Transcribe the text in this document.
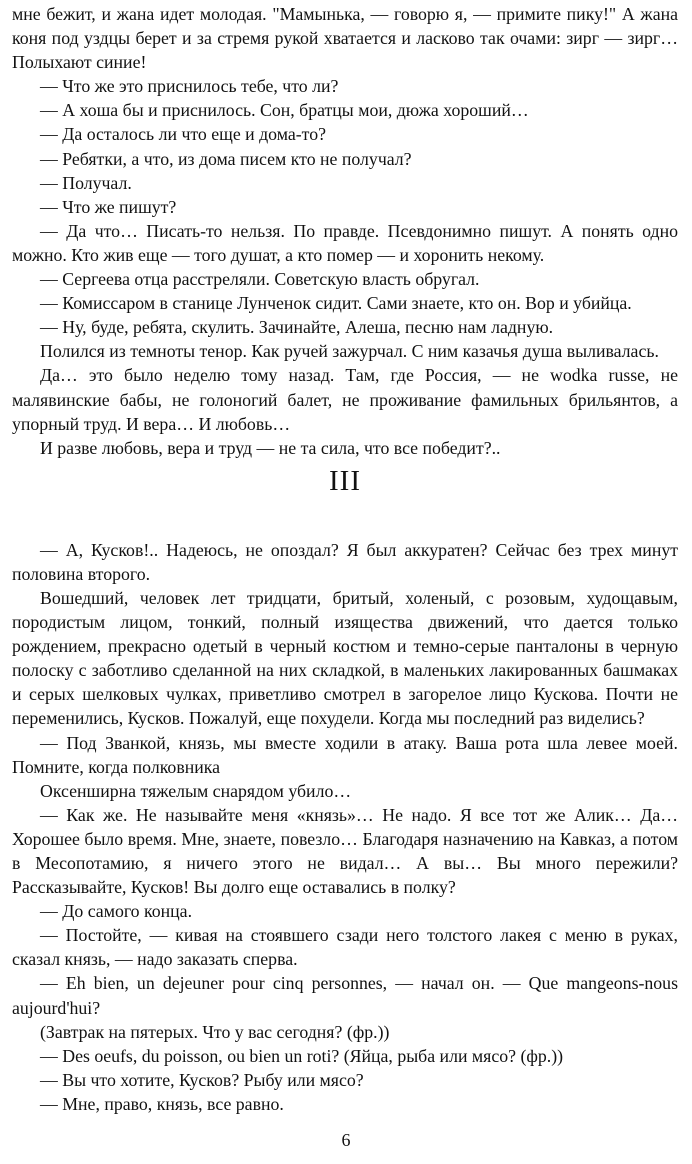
мне бежит, и жана идет молодая. "Мамынька, — говорю я, — примите пику!" А жана коня под уздцы берет и за стремя рукой хватается и ласково так очами: зирг — зирг… Полыхают синие!

— Что же это приснилось тебе, что ли?

— А хоша бы и приснилось. Сон, братцы мои, дюжа хороший…

— Да осталось ли что еще и дома-то?

— Ребятки, а что, из дома писем кто не получал?

— Получал.

— Что же пишут?

— Да что… Писать-то нельзя. По правде. Псевдонимно пишут. А понять одно можно. Кто жив еще — того душат, а кто помер — и хоронить некому.

— Сергеева отца расстреляли. Советскую власть обругал.

— Комиссаром в станице Лунченок сидит. Сами знаете, кто он. Вор и убийца.

— Ну, буде, ребята, скулить. Зачинайте, Алеша, песню нам ладную.

Полился из темноты тенор. Как ручей зажурчал. С ним казачья душа выливалась.

Да… это было неделю тому назад. Там, где Россия, — не wodka russe, не малявинские бабы, не голоногий балет, не проживание фамильных брильянтов, а упорный труд. И вера… И любовь…

И разве любовь, вера и труд — не та сила, что все победит?..

III

— А, Кусков!.. Надеюсь, не опоздал? Я был аккуратен? Сейчас без трех минут половина второго.

Вошедший, человек лет тридцати, бритый, холеный, с розовым, худощавым, породистым лицом, тонкий, полный изящества движений, что дается только рождением, прекрасно одетый в черный костюм и темно-серые панталоны в черную полоску с заботливо сделанной на них складкой, в маленьких лакированных башмаках и серых шелковых чулках, приветливо смотрел в загорелое лицо Кускова. Почти не переменились, Кусков. Пожалуй, еще похудели. Когда мы последний раз виделись?

— Под Званкой, князь, мы вместе ходили в атаку. Ваша рота шла левее моей. Помните, когда полковника

Оксенширна тяжелым снарядом убило…

— Как же. Не называйте меня «князь»… Не надо. Я все тот же Алик… Да… Хорошее было время. Мне, знаете, повезло… Благодаря назначению на Кавказ, а потом в Месопотамию, я ничего этого не видал… А вы… Вы много пережили? Рассказывайте, Кусков! Вы долго еще оставались в полку?

— До самого конца.

— Постойте, — кивая на стоявшего сзади него толстого лакея с меню в руках, сказал князь, — надо заказать сперва.

— Eh bien, un dejeuner pour cinq personnes, — начал он. — Que mangeons-nous aujourd'hui?

(Завтрак на пятерых. Что у вас сегодня? (фр.))

— Des oeufs, du poisson, ou bien un roti? (Яйца, рыба или мясо? (фр.))

— Вы что хотите, Кусков? Рыбу или мясо?

— Мне, право, князь, все равно.

6
